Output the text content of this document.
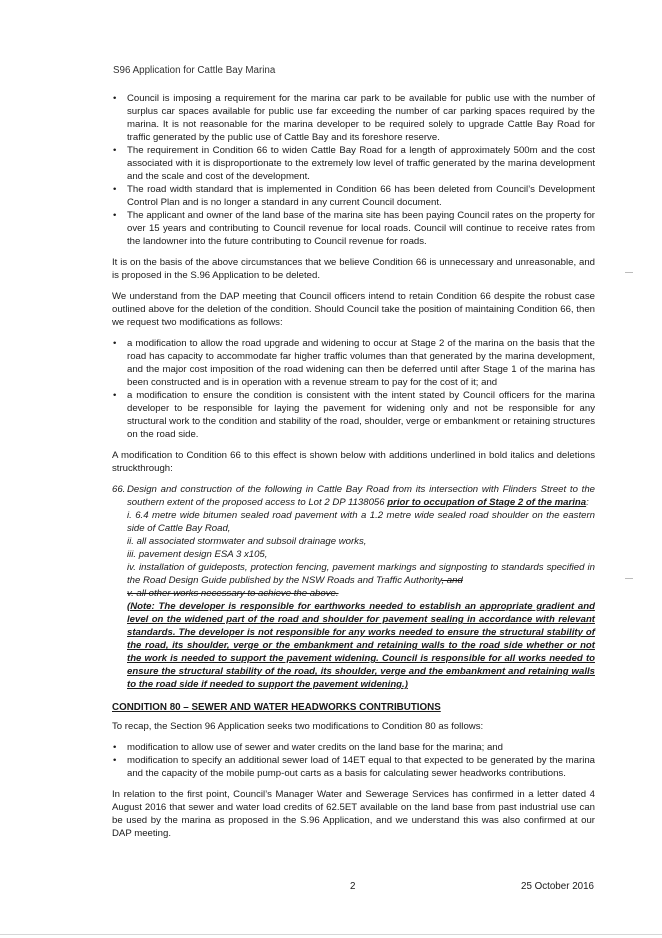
S96 Application for Cattle Bay Marina
• Council is imposing a requirement for the marina car park to be available for public use with the number of surplus car spaces available for public use far exceeding the number of car parking spaces required by the marina. It is not reasonable for the marina developer to be required solely to upgrade Cattle Bay Road for traffic generated by the public use of Cattle Bay and its foreshore reserve.
• The requirement in Condition 66 to widen Cattle Bay Road for a length of approximately 500m and the cost associated with it is disproportionate to the extremely low level of traffic generated by the marina development and the scale and cost of the development.
• The road width standard that is implemented in Condition 66 has been deleted from Council’s Development Control Plan and is no longer a standard in any current Council document.
• The applicant and owner of the land base of the marina site has been paying Council rates on the property for over 15 years and contributing to Council revenue for local roads. Council will continue to receive rates from the landowner into the future contributing to Council revenue for roads.

It is on the basis of the above circumstances that we believe Condition 66 is unnecessary and unreasonable, and is proposed in the S.96 Application to be deleted.

We understand from the DAP meeting that Council officers intend to retain Condition 66 despite the robust case outlined above for the deletion of the condition. Should Council take the position of maintaining Condition 66, then we request two modifications as follows:

• a modification to allow the road upgrade and widening to occur at Stage 2 of the marina on the basis that the road has capacity to accommodate far higher traffic volumes than that generated by the marina development, and the major cost imposition of the road widening can then be deferred until after Stage 1 of the marina has been constructed and is in operation with a revenue stream to pay for the cost of it; and
• a modification to ensure the condition is consistent with the intent stated by Council officers for the marina developer to be responsible for laying the pavement for widening only and not be responsible for any structural work to the condition and stability of the road, shoulder, verge or embankment or retaining structures on the road side.

A modification to Condition 66 to this effect is shown below with additions underlined in bold italics and deletions struckthrough:

66. Design and construction of the following in Cattle Bay Road from its intersection with Flinders Street to the southern extent of the proposed access to Lot 2 DP 1138056 prior to occupation of Stage 2 of the marina:
i. 6.4 metre wide bitumen sealed road pavement with a 1.2 metre wide sealed road shoulder on the eastern side of Cattle Bay Road,
ii. all associated stormwater and subsoil drainage works,
iii. pavement design ESA 3 x105,
iv. installation of guideposts, protection fencing, pavement markings and signposting to standards specified in the Road Design Guide published by the NSW Roads and Traffic Authority, and
v. all other works necessary to achieve the above.
(Note: The developer is responsible for earthworks needed to establish an appropriate gradient and level on the widened part of the road and shoulder for pavement sealing in accordance with relevant standards. The developer is not responsible for any works needed to ensure the structural stability of the road, its shoulder, verge or the embankment and retaining walls to the road side whether or not the work is needed to support the pavement widening. Council is responsible for all works needed to ensure the structural stability of the road, its shoulder, verge and the embankment and retaining walls to the road side if needed to support the pavement widening.)
CONDITION 80 – SEWER AND WATER HEADWORKS CONTRIBUTIONS

To recap, the Section 96 Application seeks two modifications to Condition 80 as follows:

• modification to allow use of sewer and water credits on the land base for the marina; and
• modification to specify an additional sewer load of 14ET equal to that expected to be generated by the marina and the capacity of the mobile pump-out carts as a basis for calculating sewer headworks contributions.

In relation to the first point, Council’s Manager Water and Sewerage Services has confirmed in a letter dated 4 August 2016 that sewer and water load credits of 62.5ET available on the land base from past industrial use can be used by the marina as proposed in the S.96 Application, and we understand this was also confirmed at our DAP meeting.

2	25 October 2016
